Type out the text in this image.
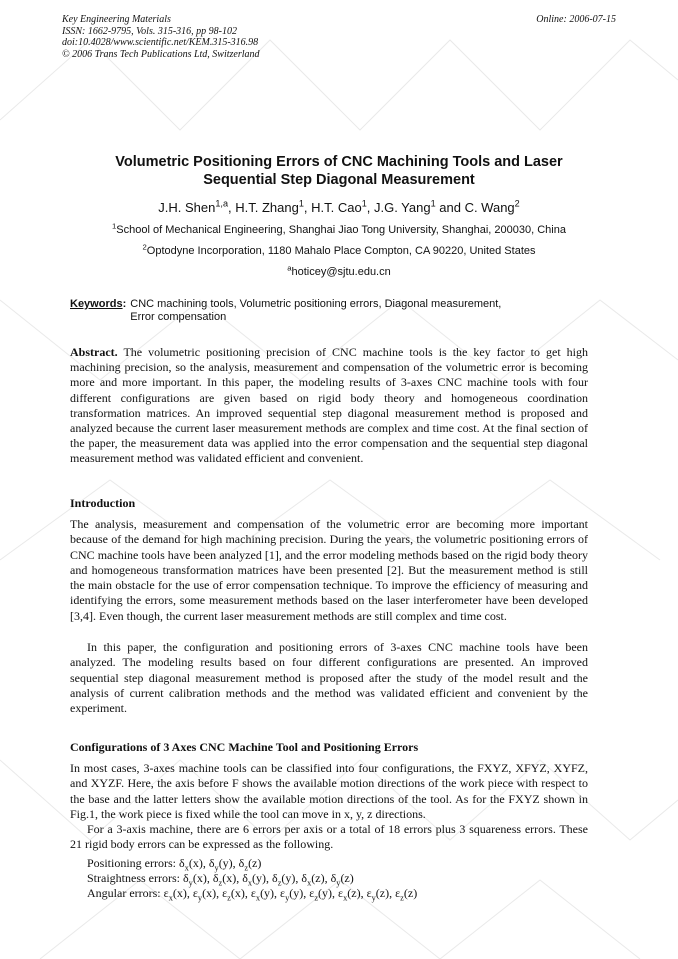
Key Engineering Materials
ISSN: 1662-9795, Vols. 315-316, pp 98-102
doi:10.4028/www.scientific.net/KEM.315-316.98
© 2006 Trans Tech Publications Ltd, Switzerland
Online: 2006-07-15
Volumetric Positioning Errors of CNC Machining Tools and Laser
Sequential Step Diagonal Measurement
J.H. Shen$^{1,a}$, H.T. Zhang$^1$, H.T. Cao$^1$, J.G. Yang$^1$ and C. Wang$^2$
$^1$School of Mechanical Engineering, Shanghai Jiao Tong University, Shanghai, 200030, China
$^2$Optodyne Incorporation, 1180 Mahalo Place Compton, CA 90220, United States
$^a$hoticey@sjtu.edu.cn
Keywords: CNC machining tools, Volumetric positioning errors, Diagonal measurement,
Error compensation

Abstract. The volumetric positioning precision of CNC machine tools is the key factor to get high machining precision, so the analysis, measurement and compensation of the volumetric error is becoming more and more important. In this paper, the modeling results of 3-axes CNC machine tools with four different configurations are given based on rigid body theory and homogeneous coordination transformation matrices. An improved sequential step diagonal measurement method is proposed and analyzed because the current laser measurement methods are complex and time cost. At the final section of the paper, the measurement data was applied into the error compensation and the sequential step diagonal measurement method was validated efficient and convenient.

Introduction

The analysis, measurement and compensation of the volumetric error are becoming more important because of the demand for high machining precision. During the years, the volumetric positioning errors of CNC machine tools have been analyzed [1], and the error modeling methods based on the rigid body theory and homogeneous transformation matrices have been presented [2]. But the measurement method is still the main obstacle for the use of error compensation technique. To improve the efficiency of measuring and identifying the errors, some measurement methods based on the laser interferometer have been developed [3,4]. Even though, the current laser measurement methods are still complex and time cost.

In this paper, the configuration and positioning errors of 3-axes CNC machine tools have been analyzed. The modeling results based on four different configurations are presented. An improved sequential step diagonal measurement method is proposed after the study of the model result and the analysis of current calibration methods and the method was validated efficient and convenient by the experiment.

Configurations of 3 Axes CNC Machine Tool and Positioning Errors

In most cases, 3-axes machine tools can be classified into four configurations, the FXYZ, XFYZ, XYFZ, and XYZF. Here, the axis before F shows the available motion directions of the work piece with respect to the base and the latter letters show the available motion directions of the tool. As for the FXYZ shown in Fig.1, the work piece is fixed while the tool can move in x, y, z directions.

For a 3-axis machine, there are 6 errors per axis or a total of 18 errors plus 3 squareness errors. These 21 rigid body errors can be expressed as the following.

Positioning errors: $\delta_x(x)$, $\delta_y(y)$, $\delta_z(z)$
Straightness errors: $\delta_y(x)$, $\delta_z(x)$, $\delta_x(y)$, $\delta_z(y)$, $\delta_x(z)$, $\delta_y(z)$
Angular errors: $\varepsilon_x(x)$, $\varepsilon_y(x)$, $\varepsilon_z(x)$, $\varepsilon_x(y)$, $\varepsilon_y(y)$, $\varepsilon_z(y)$, $\varepsilon_x(z)$, $\varepsilon_y(z)$, $\varepsilon_z(z)$
